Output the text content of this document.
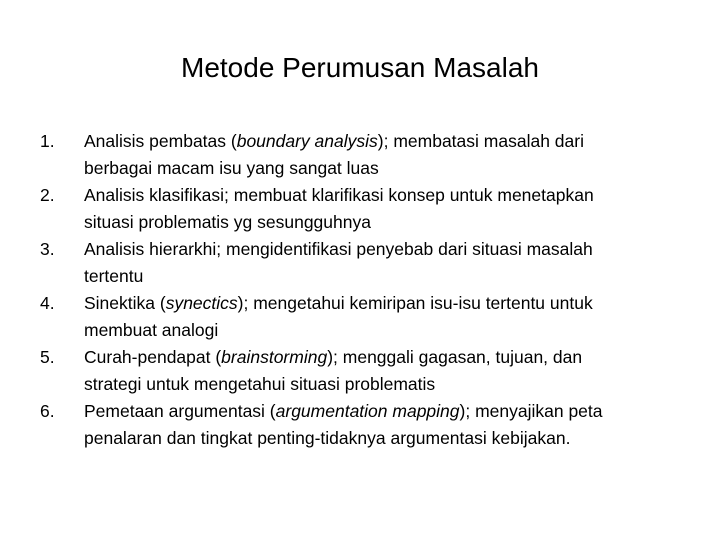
Metode Perumusan Masalah
1.	Analisis pembatas (boundary analysis); membatasi masalah dari
berbagai macam isu yang sangat luas
2.	Analisis klasifikasi; membuat klarifikasi konsep untuk menetapkan
situasi problematis yg sesungguhnya
3.	Analisis hierarkhi; mengidentifikasi penyebab dari situasi masalah
tertentu
4.	Sinektika (synectics); mengetahui kemiripan isu-isu tertentu untuk
membuat analogi
5.	Curah-pendapat (brainstorming); menggali gagasan, tujuan, dan
strategi untuk mengetahui situasi problematis
6.	Pemetaan argumentasi (argumentation mapping); menyajikan peta
penalaran dan tingkat penting-tidaknya argumentasi kebijakan.
